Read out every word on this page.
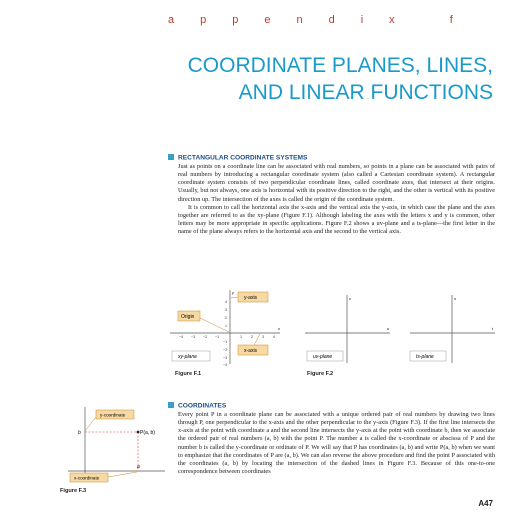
appendix f
COORDINATE PLANES, LINES,
AND LINEAR FUNCTIONS
RECTANGULAR COORDINATE SYSTEMS

Just as points on a coordinate line can be associated with real numbers, so points in a plane can be associated with pairs of real numbers by introducing a rectangular coordinate system (also called a Cartesian coordinate system). A rectangular coordinate system consists of two perpendicular coordinate lines, called coordinate axes, that intersect at their origins. Usually, but not always, one axis is horizontal with its positive direction to the right, and the other is vertical with its positive direction up. The intersection of the axes is called the origin of the coordinate system.

It is common to call the horizontal axis the x-axis and the vertical axis the y-axis, in which case the plane and the axes together are referred to as the xy-plane (Figure F.1). Although labeling the axes with the letters x and y is common, other letters may be more appropriate in specific applications. Figure F.2 shows a uv-plane and a ts-plane—the first letter in the name of the plane always refers to the horizontal axis and the second to the vertical axis.

x
y
−4 −3 −2 −1	1	2	3	4
4
3
2
1
−1
−2
−3
−4
y-axis
Origin
x-axis
xy-plane
Figure F.1
u
v
uv-plane
t
s
ts-plane
Figure F.2
COORDINATES

Every point P in a coordinate plane can be associated with a unique ordered pair of real numbers by drawing two lines through P, one perpendicular to the x-axis and the other perpendicular to the y-axis (Figure F.3). If the first line intersects the x-axis at the point with coordinate a and the second line intersects the y-axis at the point with coordinate b, then we associate the ordered pair of real numbers (a, b) with the point P. The number a is called the x-coordinate or abscissa of P and the number b is called the y-coordinate or ordinate of P. We will say that P has coordinates (a, b) and write P(a, b) when we want to emphasize that the coordinates of P are (a, b). We can also reverse the above procedure and find the point P associated with the coordinates (a, b) by locating the intersection of the dashed lines in Figure F.3. Because of this one-to-one correspondence between coordinates

P(a, b)
b
a
y-coordinate
x-coordinate
Figure F.3
A47
